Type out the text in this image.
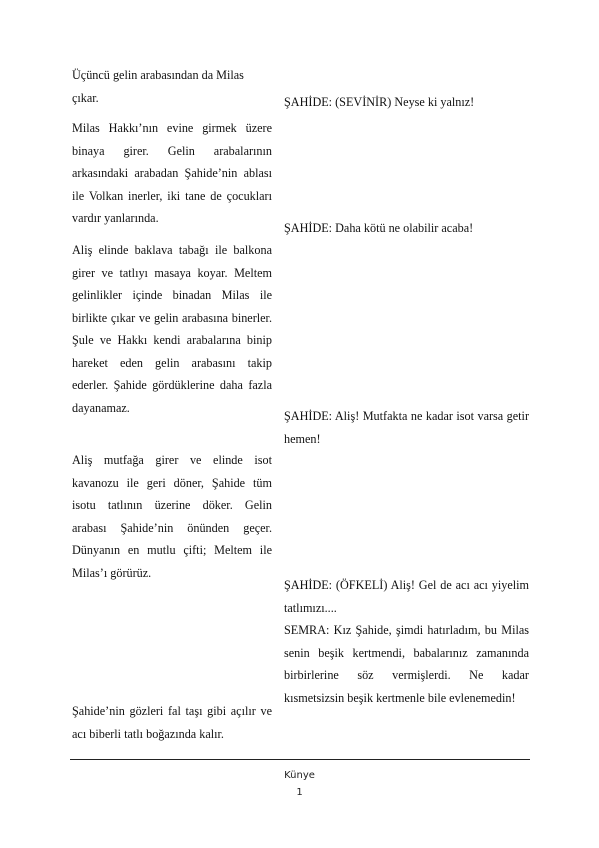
Üçüncü gelin arabasından da Milas çıkar.	ŞAHİDE: (SEVİNİR) Neyse ki yalnız!

Milas Hakkı’nın evine girmek üzere binaya girer. Gelin arabalarının arkasındaki arabadan Şahide’nin ablası ile Volkan inerler, iki tane de çocukları vardır yanlarında.

ŞAHİDE: Daha kötü ne olabilir acaba!

Aliş elinde baklava tabağı ile balkona girer ve tatlıyı masaya koyar. Meltem gelinlikler içinde binadan Milas ile birlikte çıkar ve gelin arabasına binerler. Şule ve Hakkı kendi arabalarına binip hareket eden gelin arabasını takip ederler. Şahide gördüklerine daha fazla dayanamaz.

ŞAHİDE: Aliş! Mutfakta ne kadar isot varsa getir hemen!

Aliş mutfağa girer ve elinde isot kavanozu ile geri döner, Şahide tüm isotu tatlının üzerine döker. Gelin arabası Şahide’nin önünden geçer. Dünyanın en mutlu çifti; Meltem ile Milas’ı görürüz.

ŞAHİDE: (ÖFKELİ) Aliş! Gel de acı acı yiyelim tatlımızı....

SEMRA: Kız Şahide, şimdi hatırladım, bu Milas senin beşik kertmendi, babalarınız zamanında birbirlerine söz vermişlerdi. Ne kadar kısmetsizsin beşik kertmenle bile evlenemedin!

Şahide’nin gözleri fal taşı gibi açılır ve acı biberli tatlı boğazında kalır.

Künye
1
